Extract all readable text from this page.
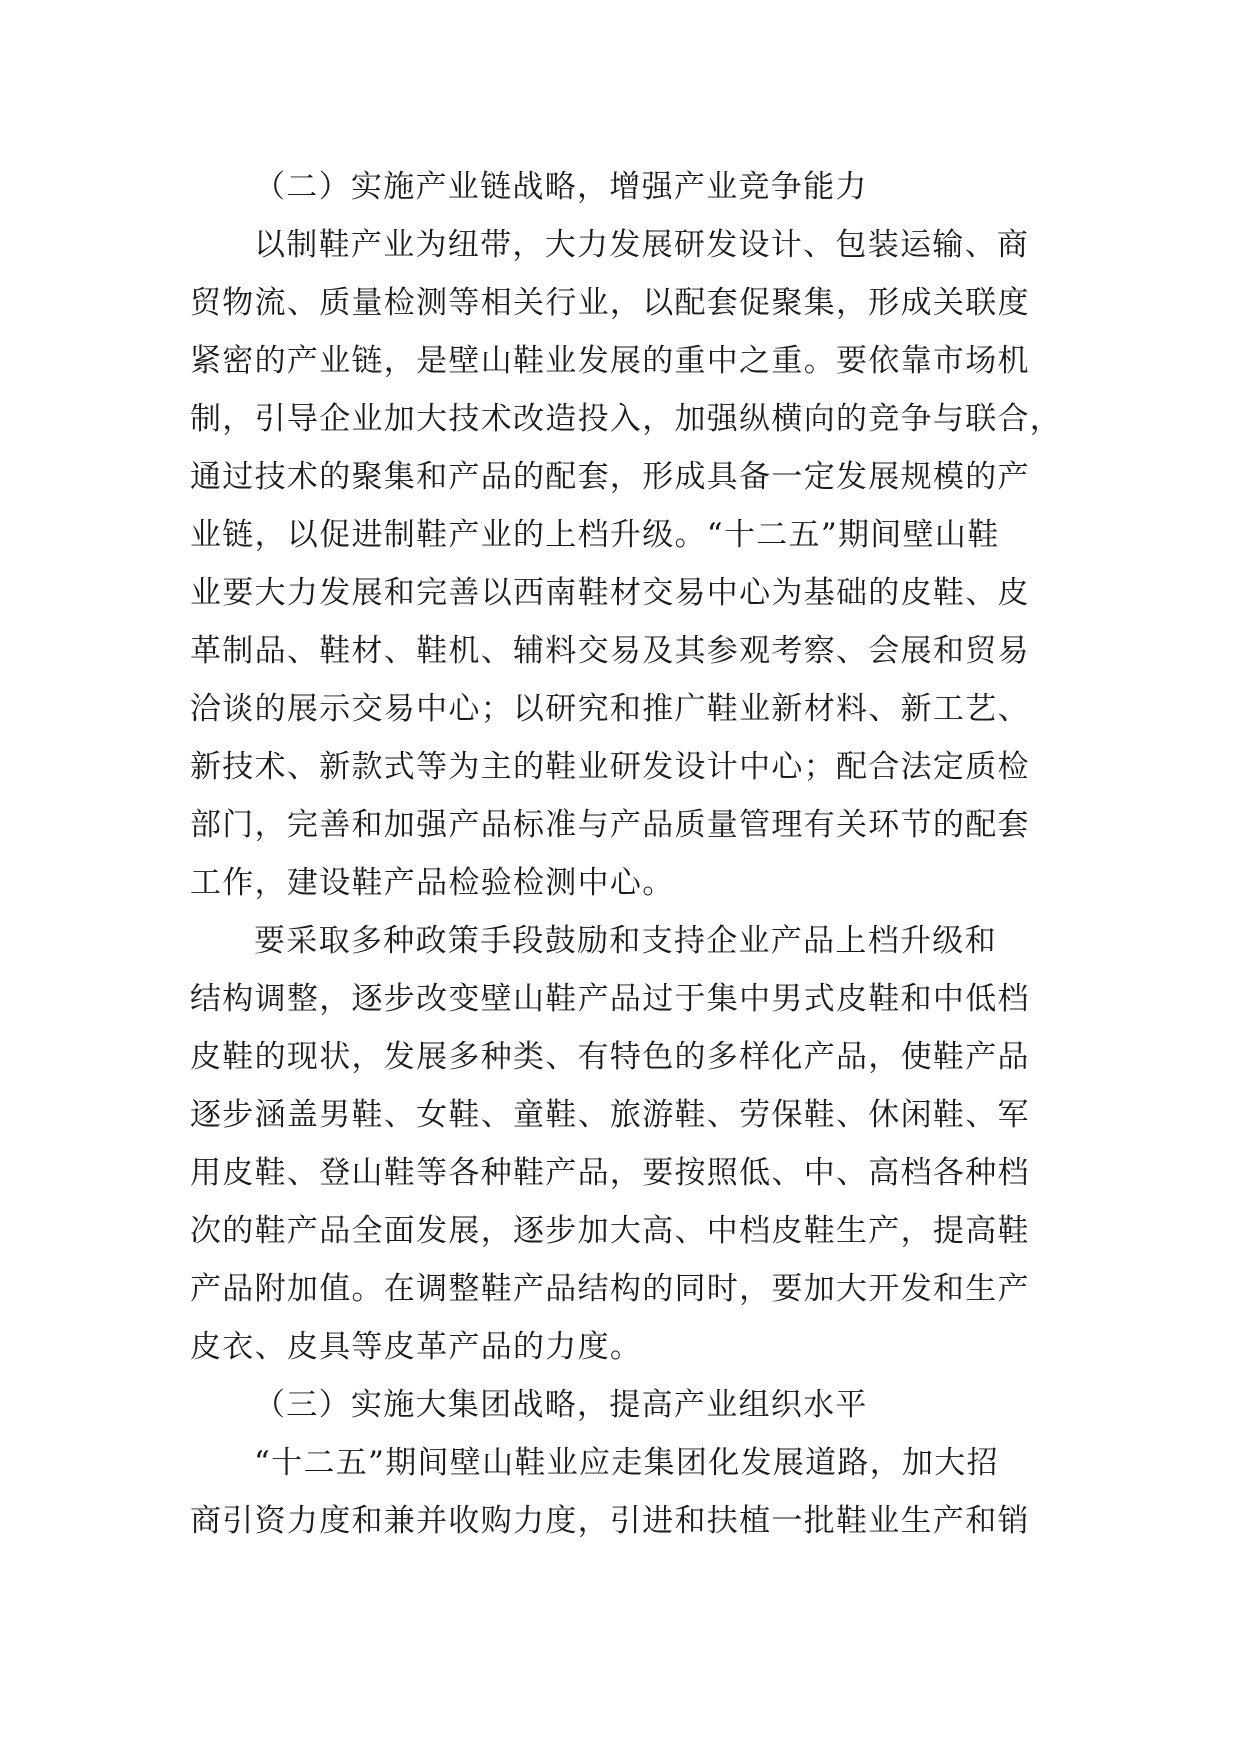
（二）实施产业链战略，增强产业竞争能力
以制鞋产业为纽带，大力发展研发设计、包装运输、商
贸物流、质量检测等相关行业，以配套促聚集，形成关联度
紧密的产业链，是壁山鞋业发展的重中之重。要依靠市场机
制，引导企业加大技术改造投入，加强纵横向的竞争与联合，
通过技术的聚集和产品的配套，形成具备一定发展规模的产
业链，以促进制鞋产业的上档升级。“十二五”期间壁山鞋
业要大力发展和完善以西南鞋材交易中心为基础的皮鞋、皮
革制品、鞋材、鞋机、辅料交易及其参观考察、会展和贸易
洽谈的展示交易中心；以研究和推广鞋业新材料、新工艺、
新技术、新款式等为主的鞋业研发设计中心；配合法定质检
部门，完善和加强产品标准与产品质量管理有关环节的配套
工作，建设鞋产品检验检测中心。
要采取多种政策手段鼓励和支持企业产品上档升级和
结构调整，逐步改变壁山鞋产品过于集中男式皮鞋和中低档
皮鞋的现状，发展多种类、有特色的多样化产品，使鞋产品
逐步涵盖男鞋、女鞋、童鞋、旅游鞋、劳保鞋、休闲鞋、军
用皮鞋、登山鞋等各种鞋产品，要按照低、中、高档各种档
次的鞋产品全面发展，逐步加大高、中档皮鞋生产，提高鞋
产品附加值。在调整鞋产品结构的同时，要加大开发和生产
皮衣、皮具等皮革产品的力度。
（三）实施大集团战略，提高产业组织水平
“十二五”期间壁山鞋业应走集团化发展道路，加大招
商引资力度和兼并收购力度，引进和扶植一批鞋业生产和销
